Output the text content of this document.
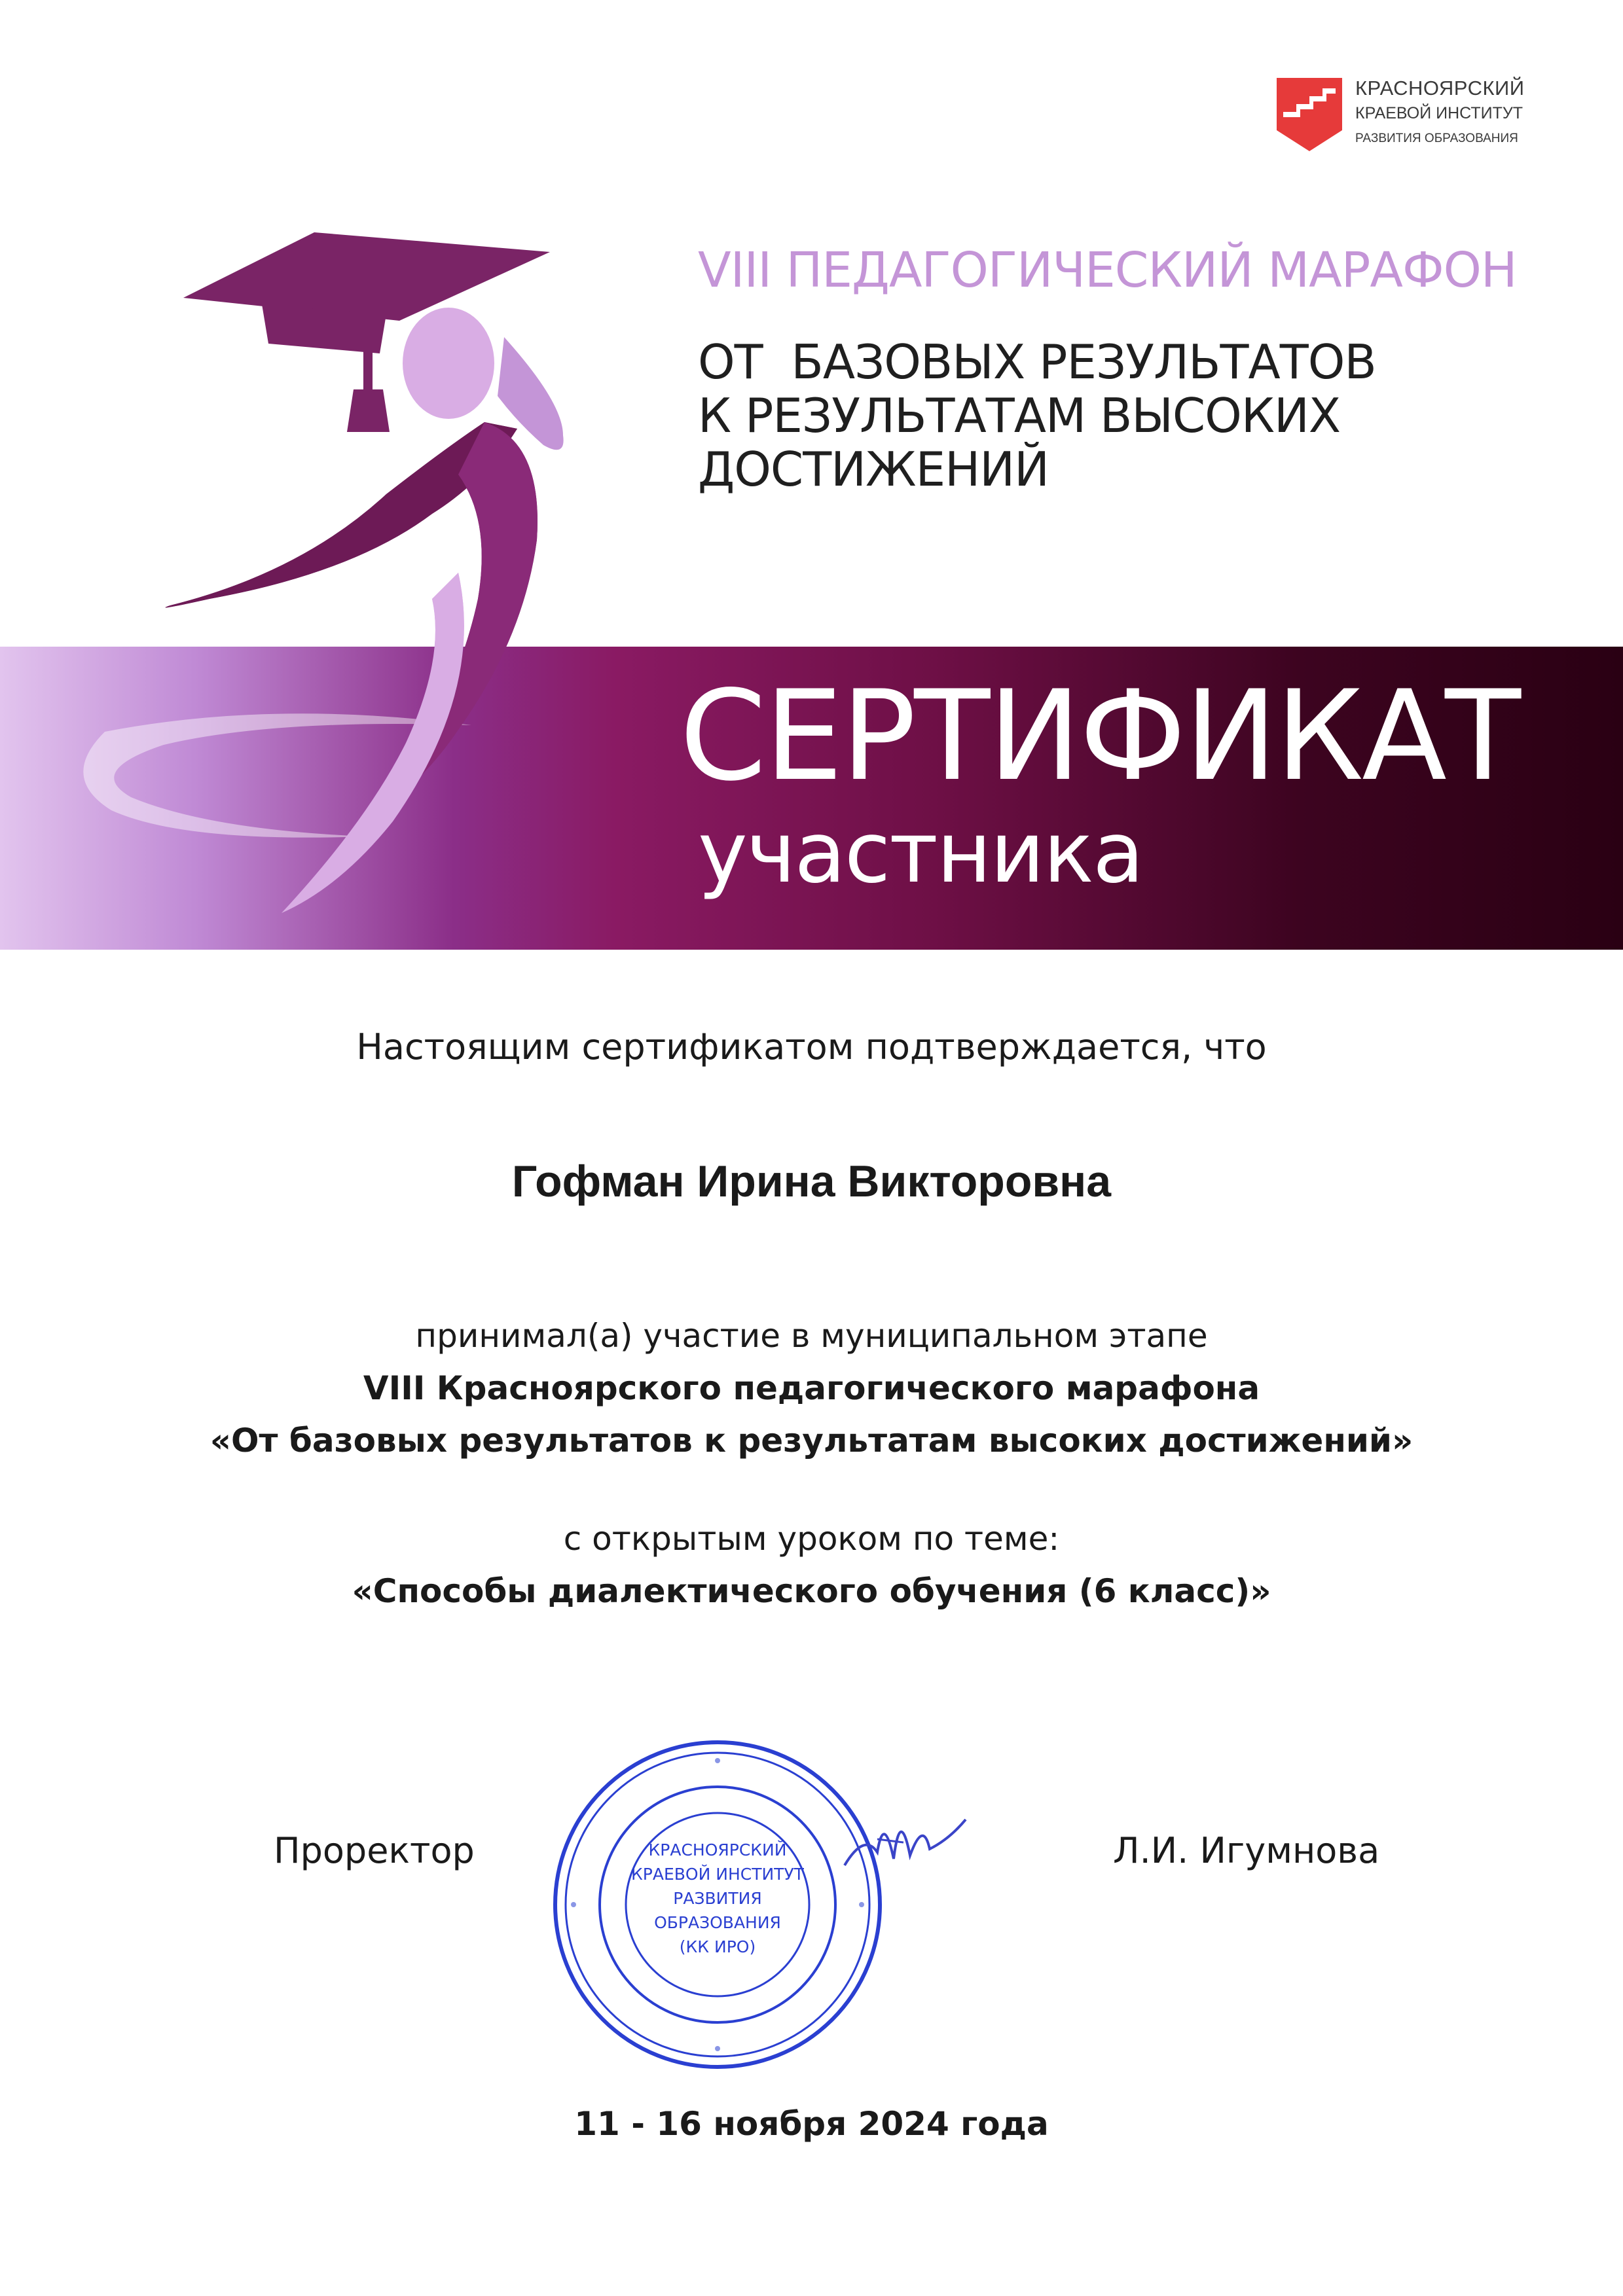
КРАСНОЯРСКИЙ
КРАЕВОЙ ИНСТИТУТ
РАЗВИТИЯ ОБРАЗОВАНИЯ
VIII ПЕДАГОГИЧЕСКИЙ МАРАФОН
ОТ  БАЗОВЫХ РЕЗУЛЬТАТОВ
К РЕЗУЛЬТАТАМ ВЫСОКИХ
ДОСТИЖЕНИЙ
СЕРТИФИКАТ
участника
Настоящим сертификатом подтверждается, что
Гофман Ирина Викторовна
принимал(а) участие в муниципальном этапе
VIII Красноярского педагогического марафона
«От базовых результатов к результатам высоких достижений»
с открытым уроком по теме:
«Способы диалектического обучения (6 класс)»
Проректор	КРАСНОЯРСКИЙ
КРАЕВОЙ ИНСТИТУТ
РАЗВИТИЯ
ОБРАЗОВАНИЯ
(КК ИРО)
Л.И. Игумнова
11 - 16 ноября 2024 года
